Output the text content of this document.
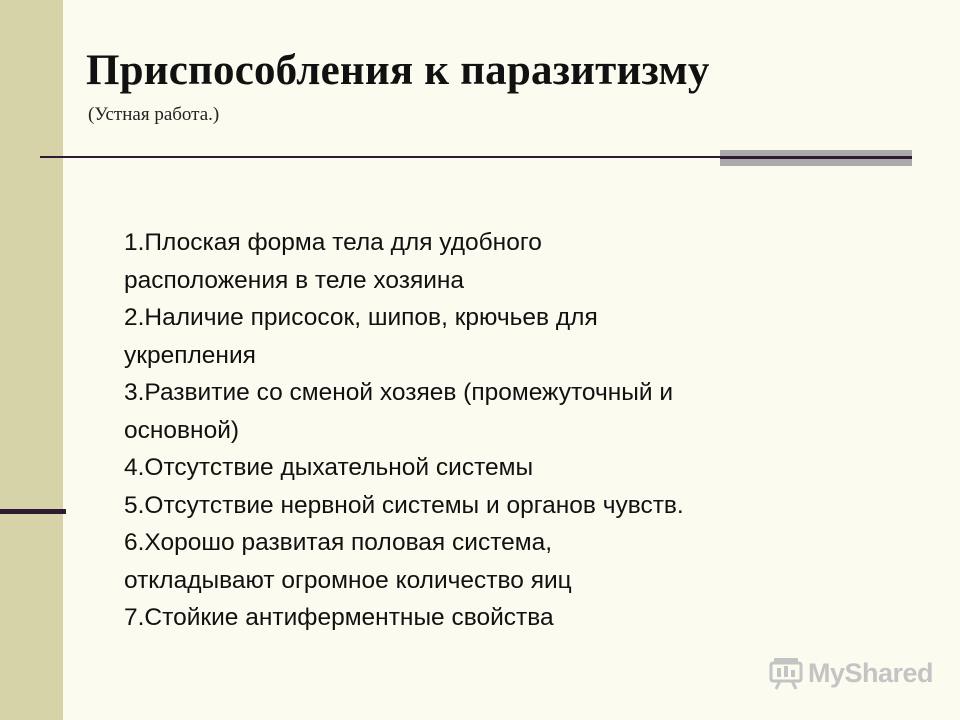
Приспособления к паразитизму
(Устная работа.)
1.Плоская форма тела для удобного
расположения в теле хозяина
2.Наличие присосок, шипов, крючьев для
укрепления
3.Развитие со сменой хозяев (промежуточный и
основной)
4.Отсутствие дыхательной системы
5.Отсутствие нервной системы и органов чувств.
6.Хорошо развитая половая система,
откладывают огромное количество яиц
7.Стойкие антиферментные свойства
MyShared
